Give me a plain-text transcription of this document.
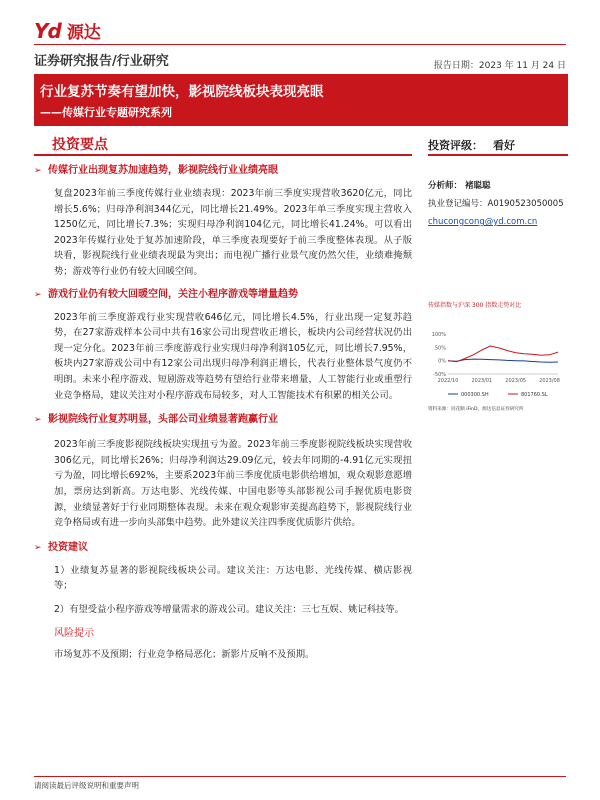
Yd 源达
证券研究报告/行业研究	报告日期：2023 年 11 月 24 日
行业复苏节奏有望加快，影视院线板块表现亮眼
——传媒行业专题研究系列
投资要点	投资评级： 看好
➢ 传媒行业出现复苏加速趋势，影视院线行业业绩亮眼
复盘2023年前三季度传媒行业业绩表现：2023年前三季度实现营收3620亿元，同比增长5.6%；归母净利润344亿元，同比增长21.49%。2023年单三季度实现主营收入1250亿元，同比增长7.3%；实现归母净利润104亿元，同比增长41.24%。可以看出2023年传媒行业处于复苏加速阶段，单三季度表现要好于前三季度整体表现。从子版块看，影视院线行业业绩表现最为突出；而电视广播行业景气度仍然欠佳，业绩难掩颓势；游戏等行业仍有较大回暖空间。
➢ 游戏行业仍有较大回暖空间，关注小程序游戏等增量趋势
2023年前三季度游戏行业实现营收646亿元，同比增长4.5%，行业出现一定复苏趋势，在27家游戏样本公司中共有16家公司出现营收正增长，板块内公司经营状况仍出现一定分化。2023年前三季度游戏行业实现归母净利润105亿元，同比增长7.95%，板块内27家游戏公司中有12家公司出现归母净利润正增长，代表行业整体景气度仍不明朗。未来小程序游戏、短剧游戏等趋势有望给行业带来增量，人工智能行业或重塑行业竞争格局，建议关注对小程序游戏布局较多，对人工智能技术有积累的相关公司。
➢ 影视院线行业复苏明显，头部公司业绩显著跑赢行业
2023年前三季度影视院线板块实现扭亏为盈。2023年前三季度影视院线板块实现营收306亿元，同比增长26%；归母净利润达29.09亿元，较去年同期的-4.91亿元实现扭亏为盈，同比增长692%，主要系2023年前三季度优质电影供给增加，观众观影意愿增加，票房达到新高。万达电影、光线传媒、中国电影等头部影视公司手握优质电影资源，业绩显著好于行业同期整体表现。未来在观众观影审美提高趋势下，影视院线行业竞争格局或有进一步向头部集中趋势。此外建议关注四季度优质影片供给。
➢ 投资建议
1）业绩复苏显著的影视院线板块公司。建议关注：万达电影、光线传媒、横店影视等；
2）有望受益小程序游戏等增量需求的游戏公司。建议关注：三七互娱、姚记科技等。
风险提示
市场复苏不及预期；行业竞争格局恶化；新影片反响不及预期。
分析师： 褚聪聪
执业登记编号：A0190523050005
chucongcong@yd.com.cn
传媒指数与沪深 300 指数走势对比
100%
50%
0%
-50%
2022/10	2023/01	2023/05	2023/08
000300.SH	801760.SL
资料来源：同花顺 iFinD，源达信息证券研究所
请阅读最后评级说明和重要声明
